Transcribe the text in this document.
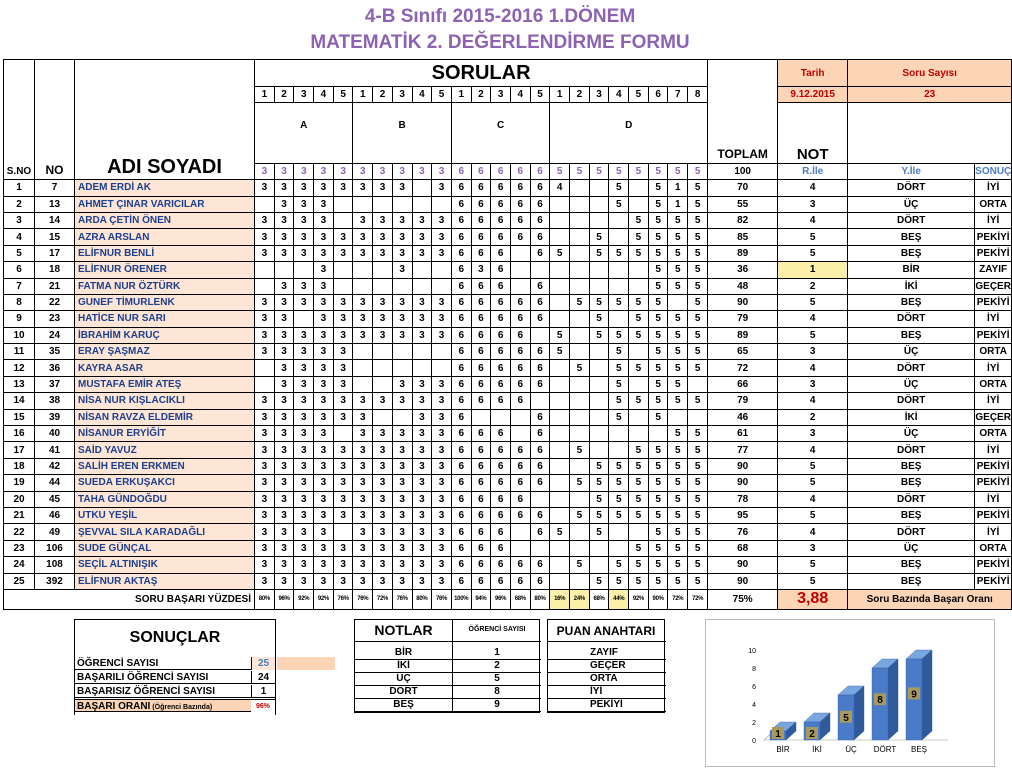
4-B Sınıfı 2015-2016 1.DÖNEM
MATEMATİK 2. DEĞERLENDİRME FORMU
S.NO	NO	ADI SOYADI	SORULAR																							TOPLAM	Tarih	Soru Sayısı	
			1	2	3	4	5	1	2	3	4	5	1	2	3	4	5	1	2	3	4	5	6	7	8		9.12.2015	23	
			A					B					C					D									NOT		

			3	3	3	3	3	3	3	3	3	3	6	6	6	6	6	5	5	5	5	5	5	5	5	100	R.İle	Y.İle	SONUÇ
1	7	ADEM ERDİ AK	3	3	3	3	3	3	3	3		3	6	6	6	6	6	4			5		5	1	5	70	4	DÖRT	İYİ
2	13	AHMET ÇINAR VARICILAR		3	3	3							6	6	6	6	6				5		5	1	5	55	3	ÜÇ	ORTA
3	14	ARDA ÇETİN ÖNEN	3	3	3	3		3	3	3	3	3	6	6	6	6	6					5	5	5	5	82	4	DÖRT	İYİ
4	15	AZRA ARSLAN	3	3	3	3	3	3	3	3	3	3	6	6	6	6	6			5		5	5	5	5	85	5	BEŞ	PEKİYİ
5	17	ELİFNUR BENLİ	3	3	3	3	3	3	3	3	3	3	6	6	6		6	5		5	5	5	5	5	5	89	5	BEŞ	PEKİYİ
6	18	ELİFNUR ÖRENER				3				3			6	3	6								5	5	5	36	1	BİR	ZAYIF
7	21	FATMA NUR ÖZTÜRK		3	3	3							6	6	6		6						5	5	5	48	2	İKİ	GEÇER
8	22	GUNEF TİMURLENK	3	3	3	3	3	3	3	3	3	3	6	6	6	6	6		5	5	5	5	5		5	90	5	BEŞ	PEKİYİ
9	23	HATİCE NUR SARI	3	3		3	3	3	3	3	3	3	6	6	6	6	6			5		5	5	5	5	79	4	DÖRT	İYİ
10	24	İBRAHİM KARUÇ	3	3	3	3	3	3	3	3	3	3	6	6	6	6		5		5	5	5	5	5	5	89	5	BEŞ	PEKİYİ
11	35	ERAY ŞAŞMAZ	3	3	3	3	3						6	6	6	6	6	5			5		5	5	5	65	3	ÜÇ	ORTA
12	36	KAYRA ASAR		3	3	3	3						6	6	6	6	6		5		5	5	5	5	5	72	4	DÖRT	İYİ
13	37	MUSTAFA EMİR ATEŞ		3	3	3	3			3	3	3	6	6	6	6	6				5		5	5		66	3	ÜÇ	ORTA
14	38	NİSA NUR KIŞLACIKLI	3	3	3	3	3	3	3	3	3	3	6	6	6	6					5	5	5	5	5	79	4	DÖRT	İYİ
15	39	NİSAN RAVZA ELDEMİR	3	3	3	3	3	3			3	3	6				6				5		5			46	2	İKİ	GEÇER
16	40	NİSANUR ERYİĞİT	3	3	3	3		3	3	3	3	3	6	6	6		6							5	5	61	3	ÜÇ	ORTA
17	41	SAİD YAVUZ	3	3	3	3	3	3	3	3	3	3	6	6	6	6	6		5			5	5	5	5	77	4	DÖRT	İYİ
18	42	SALİH EREN ERKMEN	3	3	3	3	3	3	3	3	3	3	6	6	6	6	6			5	5	5	5	5	5	90	5	BEŞ	PEKİYİ
19	44	SUEDA ERKUŞAKCI	3	3	3	3	3	3	3	3	3	3	6	6	6	6	6		5	5	5	5	5	5	5	90	5	BEŞ	PEKİYİ
20	45	TAHA GÜNDOĞDU	3	3	3	3	3	3	3	3	3	3	6	6	6	6				5	5	5	5	5	5	78	4	DÖRT	İYİ
21	46	UTKU YEŞİL	3	3	3	3	3	3	3	3	3	3	6	6	6	6	6		5	5	5	5	5	5	5	95	5	BEŞ	PEKİYİ
22	49	ŞEVVAL SILA KARADAĞLI	3	3	3	3		3	3	3	3	3	6	6	6		6	5		5			5	5	5	76	4	DÖRT	İYİ
23	106	SUDE GÜNÇAL	3	3	3	3	3	3	3	3	3	3	6	6	6							5	5	5	5	68	3	ÜÇ	ORTA
24	108	SEÇİL ALTINIŞIK	3	3	3	3	3	3	3	3	3	3	6	6	6	6	6		5		5	5	5	5	5	90	5	BEŞ	PEKİYİ
25	392	ELİFNUR AKTAŞ	3	3	3	3	3	3	3	3	3	3	6	6	6	6	6			5	5	5	5	5	5	90	5	BEŞ	PEKİYİ
SORU BAŞARI YÜZDESİ			80%	96%	92%	92%	76%	76%	72%	76%	80%	76%	100%	94%	96%	68%	80%	16%	24%	68%	44%	92%	90%	72%	72%	75%	3,88	Soru Bazında Başarı Oranı	
SONUÇLAR
ÖĞRENCİ SAYISI	25
BAŞARILI ÖĞRENCİ SAYISI	24
BAŞARISIZ ÖĞRENCİ SAYISI	1
BAŞARI ORANI (Öğrenci Bazında)	96%
NOTLAR	ÖĞRENCİ SAYISI
BİR	1
İKİ	2
ÜÇ	5
DÖRT	8
BEŞ	9
PUAN ANAHTARI
ZAYIF
GEÇER
ORTA
İYİ
PEKİYİ
0
2
4
6
8
10
1
BİR
2
İKİ
5
ÜÇ
8
DÖRT
9
BEŞ
